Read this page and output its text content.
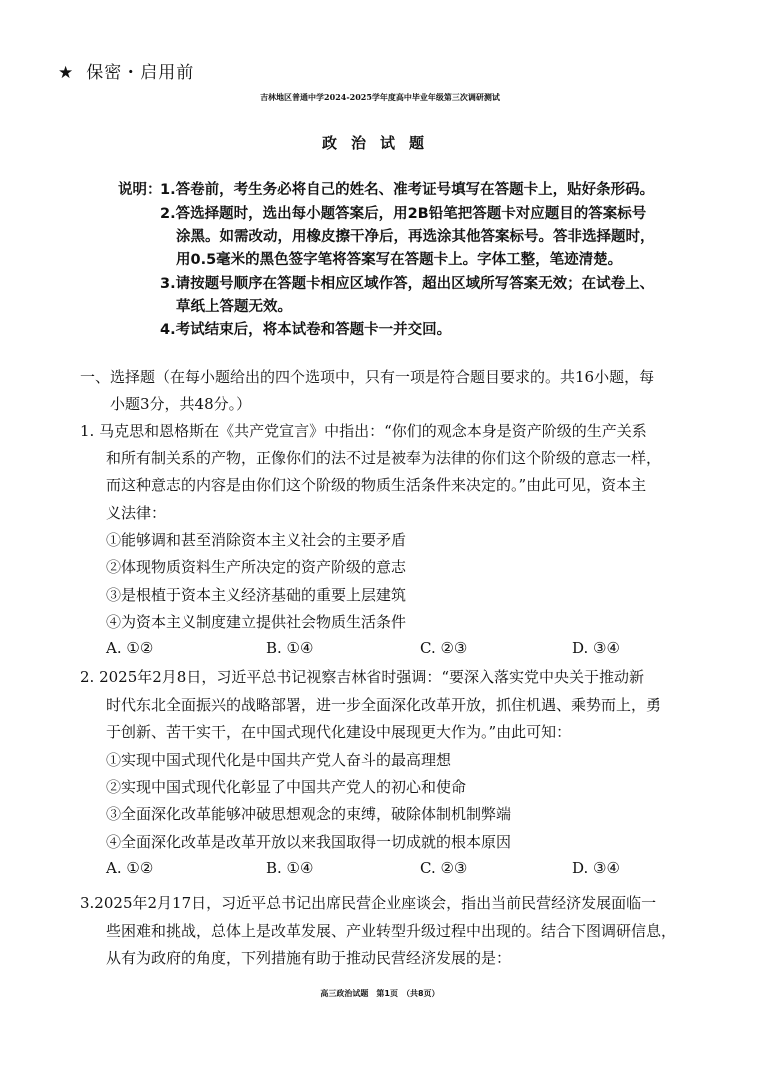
★ 保密・启用前
吉林地区普通中学2024-2025学年度高中毕业年级第三次调研测试
政治试题
说明：
1.答卷前，考生务必将自己的姓名、准考证号填写在答题卡上，贴好条形码。
2.答选择题时，选出每小题答案后，用2B铅笔把答题卡对应题目的答案标号
涂黑。如需改动，用橡皮擦干净后，再选涂其他答案标号。答非选择题时，
用0.5毫米的黑色签字笔将答案写在答题卡上。字体工整，笔迹清楚。
3.请按题号顺序在答题卡相应区域作答，超出区域所写答案无效；在试卷上、
草纸上答题无效。
4.考试结束后，将本试卷和答题卡一并交回。
一、选择题（在每小题给出的四个选项中，只有一项是符合题目要求的。共16小题，每
小题3分，共48分。）
1. 马克思和恩格斯在《共产党宣言》中指出：“你们的观念本身是资产阶级的生产关系
和所有制关系的产物，正像你们的法不过是被奉为法律的你们这个阶级的意志一样，
而这种意志的内容是由你们这个阶级的物质生活条件来决定的。”由此可见，资本主
义法律：
①能够调和甚至消除资本主义社会的主要矛盾
②体现物质资料生产所决定的资产阶级的意志
③是根植于资本主义经济基础的重要上层建筑
④为资本主义制度建立提供社会物质生活条件
A. ①②	B. ①④	C. ②③	D. ③④
2. 2025年2月8日，习近平总书记视察吉林省时强调：“要深入落实党中央关于推动新
时代东北全面振兴的战略部署，进一步全面深化改革开放，抓住机遇、乘势而上，勇
于创新、苦干实干，在中国式现代化建设中展现更大作为。”由此可知：
①实现中国式现代化是中国共产党人奋斗的最高理想
②实现中国式现代化彰显了中国共产党人的初心和使命
③全面深化改革能够冲破思想观念的束缚，破除体制机制弊端
④全面深化改革是改革开放以来我国取得一切成就的根本原因
A. ①②	B. ①④	C. ②③	D. ③④
3.2025年2月17日，习近平总书记出席民营企业座谈会，指出当前民营经济发展面临一
些困难和挑战，总体上是改革发展、产业转型升级过程中出现的。结合下图调研信息，
从有为政府的角度，下列措施有助于推动民营经济发展的是：
高三政治试题　第1页　（共8页）
